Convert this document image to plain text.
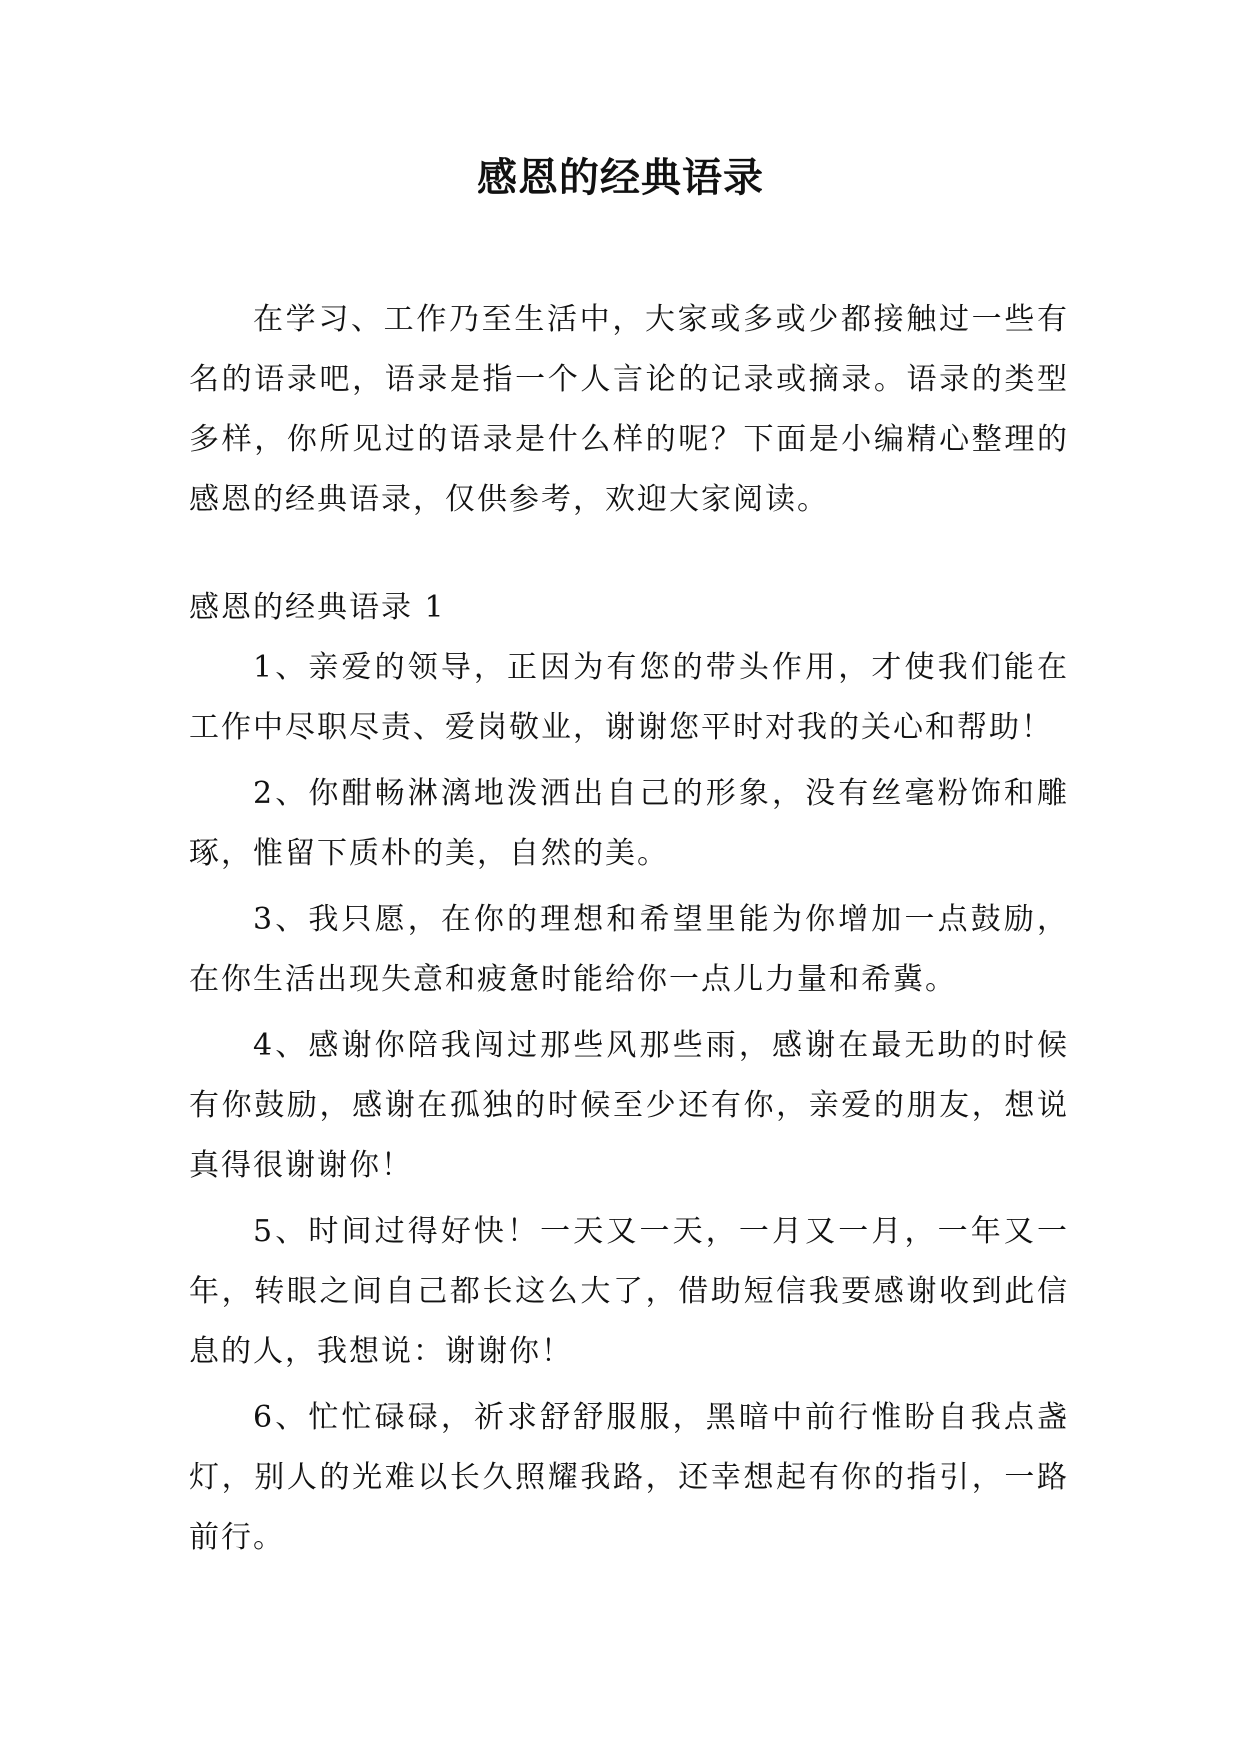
感恩的经典语录

在学习、工作乃至生活中，大家或多或少都接触过一些有名的语录吧，语录是指一个人言论的记录或摘录。语录的类型多样，你所见过的语录是什么样的呢？下面是小编精心整理的感恩的经典语录，仅供参考，欢迎大家阅读。

感恩的经典语录 1

1、亲爱的领导，正因为有您的带头作用，才使我们能在工作中尽职尽责、爱岗敬业，谢谢您平时对我的关心和帮助！

2、你酣畅淋漓地泼洒出自己的形象，没有丝毫粉饰和雕琢，惟留下质朴的美，自然的美。

3、我只愿，在你的理想和希望里能为你增加一点鼓励，在你生活出现失意和疲惫时能给你一点儿力量和希冀。

4、感谢你陪我闯过那些风那些雨，感谢在最无助的时候有你鼓励，感谢在孤独的时候至少还有你，亲爱的朋友，想说真得很谢谢你！

5、时间过得好快！一天又一天，一月又一月，一年又一年，转眼之间自己都长这么大了，借助短信我要感谢收到此信息的人，我想说：谢谢你！

6、忙忙碌碌，祈求舒舒服服，黑暗中前行惟盼自我点盏灯，别人的光难以长久照耀我路，还幸想起有你的指引，一路前行。
